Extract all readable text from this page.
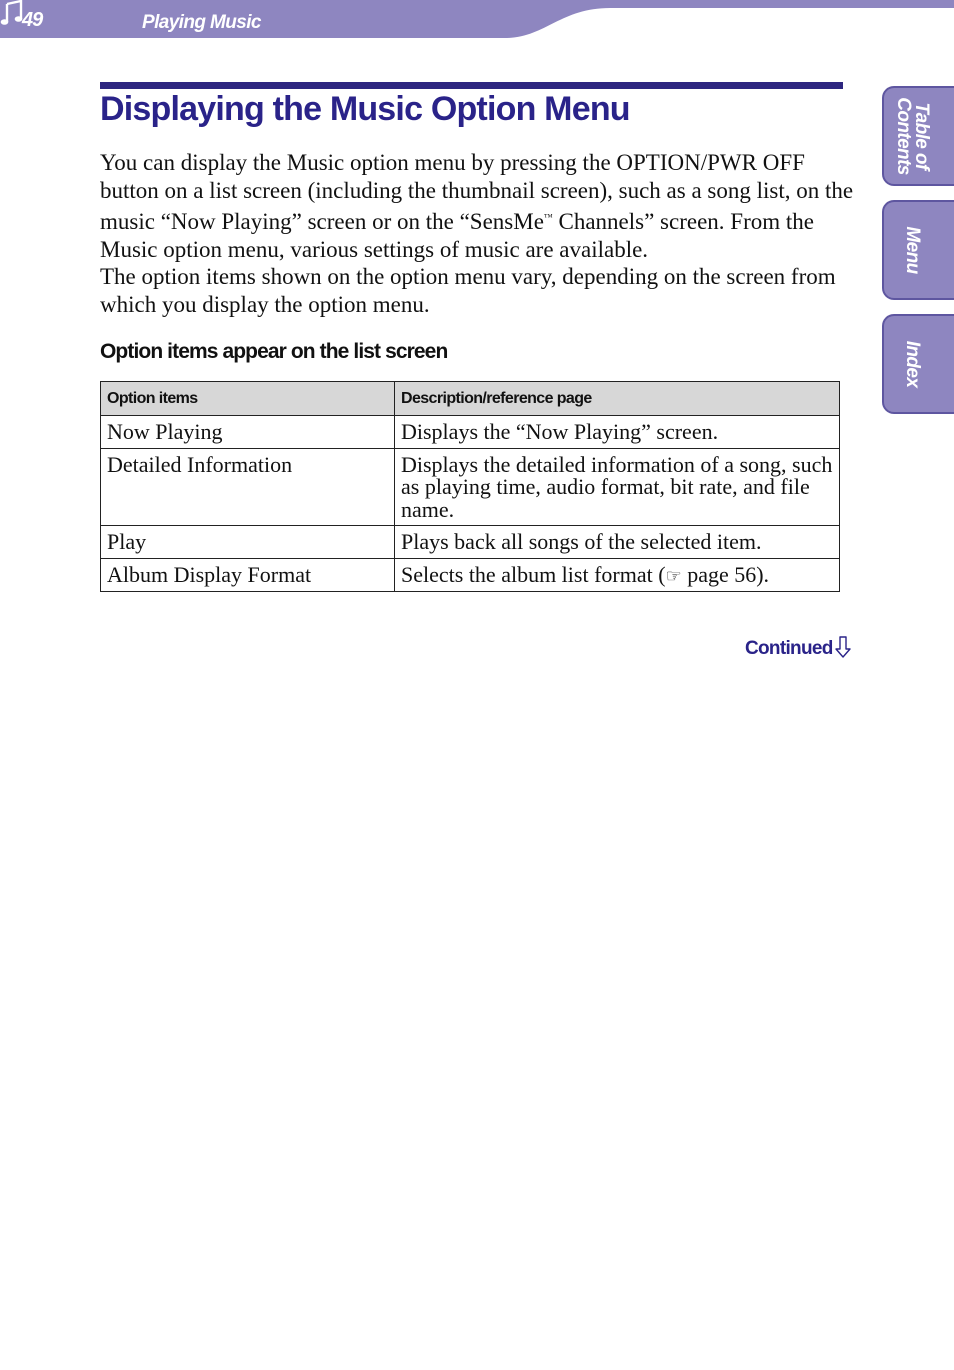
49	Playing Music
Table of
Contents
Menu
Index
Displaying the Music Option Menu

You can display the Music option menu by pressing the OPTION/PWR OFF button on a list screen (including the thumbnail screen), such as a song list, on the music “Now Playing” screen or on the “SensMe™ Channels” screen. From the Music option menu, various settings of music are available.

The option items shown on the option menu vary, depending on the screen from which you display the option menu.

Option items appear on the list screen
Option items	Description/reference page
Now Playing	Displays the “Now Playing” screen.
Detailed Information	Displays the detailed information of a song, such as playing time, audio format, bit rate, and file name.
Play	Plays back all songs of the selected item.
Album Display Format	Selects the album list format (☞ page 56).
Continued
